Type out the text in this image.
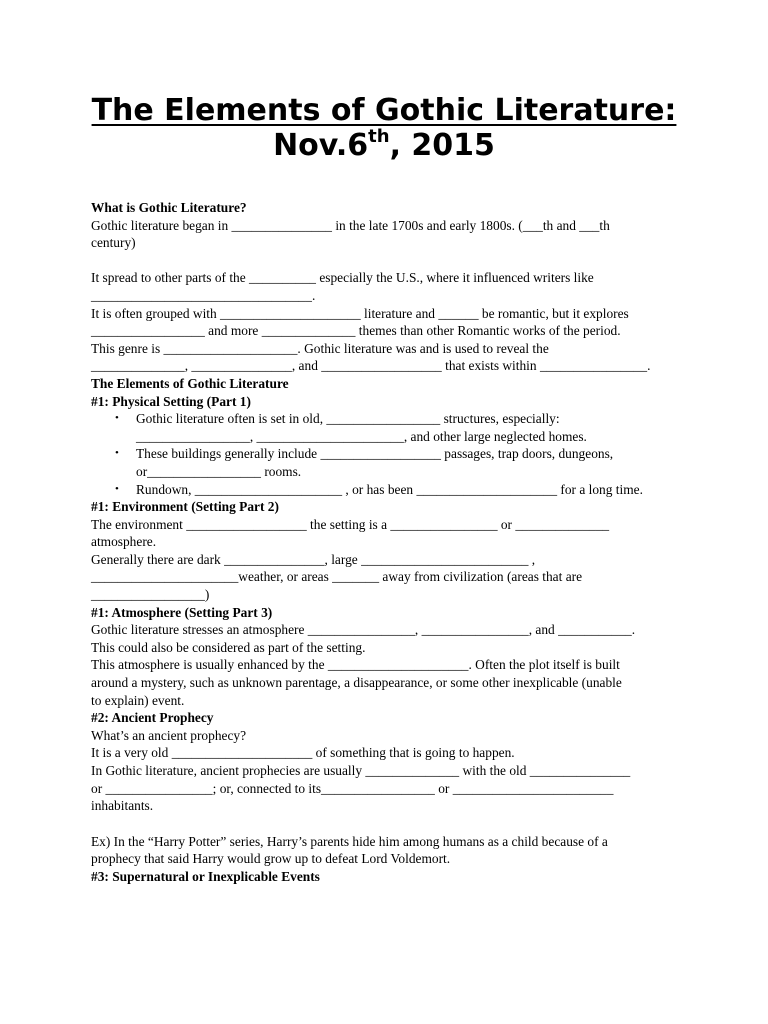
The Elements of Gothic Literature:
Nov.6th, 2015

What is Gothic Literature?

Gothic literature began in _______________ in the late 1700s and early 1800s. (___th and ___th

century)

It spread to other parts of the __________ especially the U.S., where it influenced writers like

_________________________________.

It is often grouped with _____________________ literature and ______ be romantic, but it explores

_________________ and more ______________ themes than other Romantic works of the period.

This genre is ____________________. Gothic literature was and is used to reveal the

______________, _______________, and __________________ that exists within ________________.

The Elements of Gothic Literature

#1: Physical Setting (Part 1)

• Gothic literature often is set in old, _________________ structures, especially:
_________________, ______________________, and other large neglected homes.
• These buildings generally include __________________ passages, trap doors, dungeons,
or_________________ rooms.
• Rundown, ______________________ , or has been _____________________ for a long time.

#1: Environment (Setting Part 2)

The environment __________________ the setting is a ________________ or ______________

atmosphere.

Generally there are dark _______________, large _________________________ ,

______________________weather, or areas _______ away from civilization (areas that are

_________________)

#1: Atmosphere (Setting Part 3)

Gothic literature stresses an atmosphere ________________, ________________, and ___________.

This could also be considered as part of the setting.

This atmosphere is usually enhanced by the _____________________. Often the plot itself is built

around a mystery, such as unknown parentage, a disappearance, or some other inexplicable (unable

to explain) event.

#2: Ancient Prophecy

What’s an ancient prophecy?

It is a very old _____________________ of something that is going to happen.

In Gothic literature, ancient prophecies are usually ______________ with the old _______________

or ________________; or, connected to its_________________ or ________________________

inhabitants.

Ex) In the “Harry Potter” series, Harry’s parents hide him among humans as a child because of a

prophecy that said Harry would grow up to defeat Lord Voldemort.

#3: Supernatural or Inexplicable Events
